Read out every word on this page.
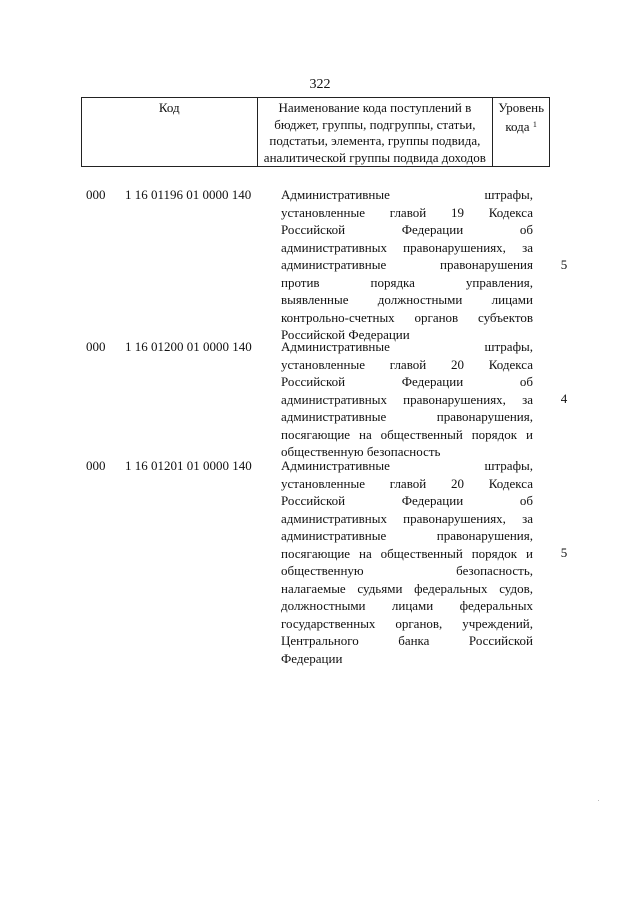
322
Код	Наименование кода поступлений в
бюджет, группы, подгруппы, статьи,
подстатьи, элемента, группы подвида,
аналитической группы подвида доходов

Уровень
кода $^1$
000	1 16 01196 01 0000 140	Административные штрафы,
установленные главой 19 Кодекса
Российской Федерации об
административных правонарушениях, за
административные правонарушения
против порядка управления,
выявленные должностными лицами
контрольно-счетных органов субъектов
Российской Федерации
5
000	1 16 01200 01 0000 140	Административные штрафы,
установленные главой 20 Кодекса
Российской Федерации об
административных правонарушениях, за
административные правонарушения,
посягающие на общественный порядок и
общественную безопасность
4
000	1 16 01201 01 0000 140	Административные штрафы,
установленные главой 20 Кодекса
Российской Федерации об
административных правонарушениях, за
административные правонарушения,
посягающие на общественный порядок и
общественную безопасность,
налагаемые судьями федеральных судов,
должностными лицами федеральных
государственных органов, учреждений,
Центрального банка Российской
Федерации
5
